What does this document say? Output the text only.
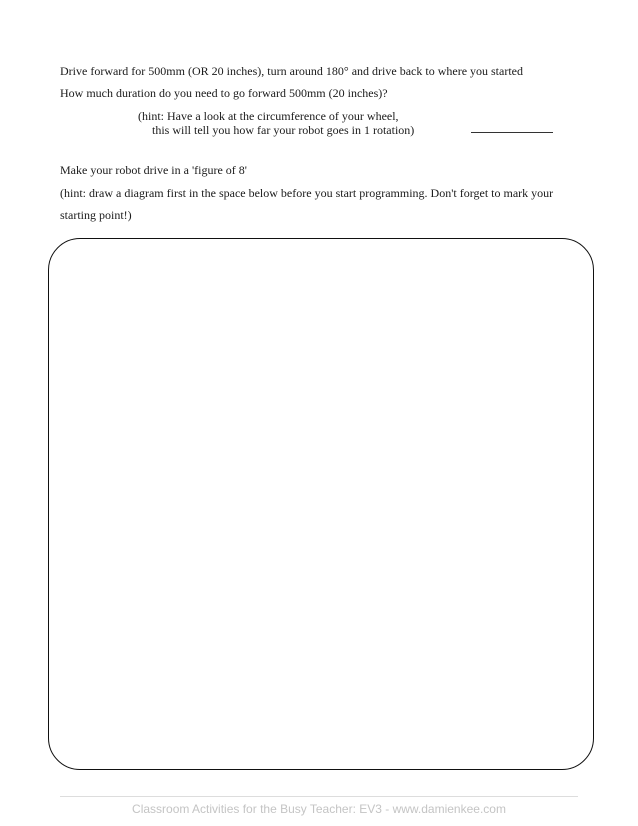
Drive forward for 500mm (OR 20 inches), turn around 180° and drive back to where you started
How much duration do you need to go forward 500mm (20 inches)?
(hint: Have a look at the circumference of your wheel,
this will tell you how far your robot goes in 1 rotation)
Make your robot drive in a 'figure of 8'
(hint: draw a diagram first in the space below before you start programming. Don't forget to mark your starting point!)
Classroom Activities for the Busy Teacher: EV3 - www.damienkee.com
